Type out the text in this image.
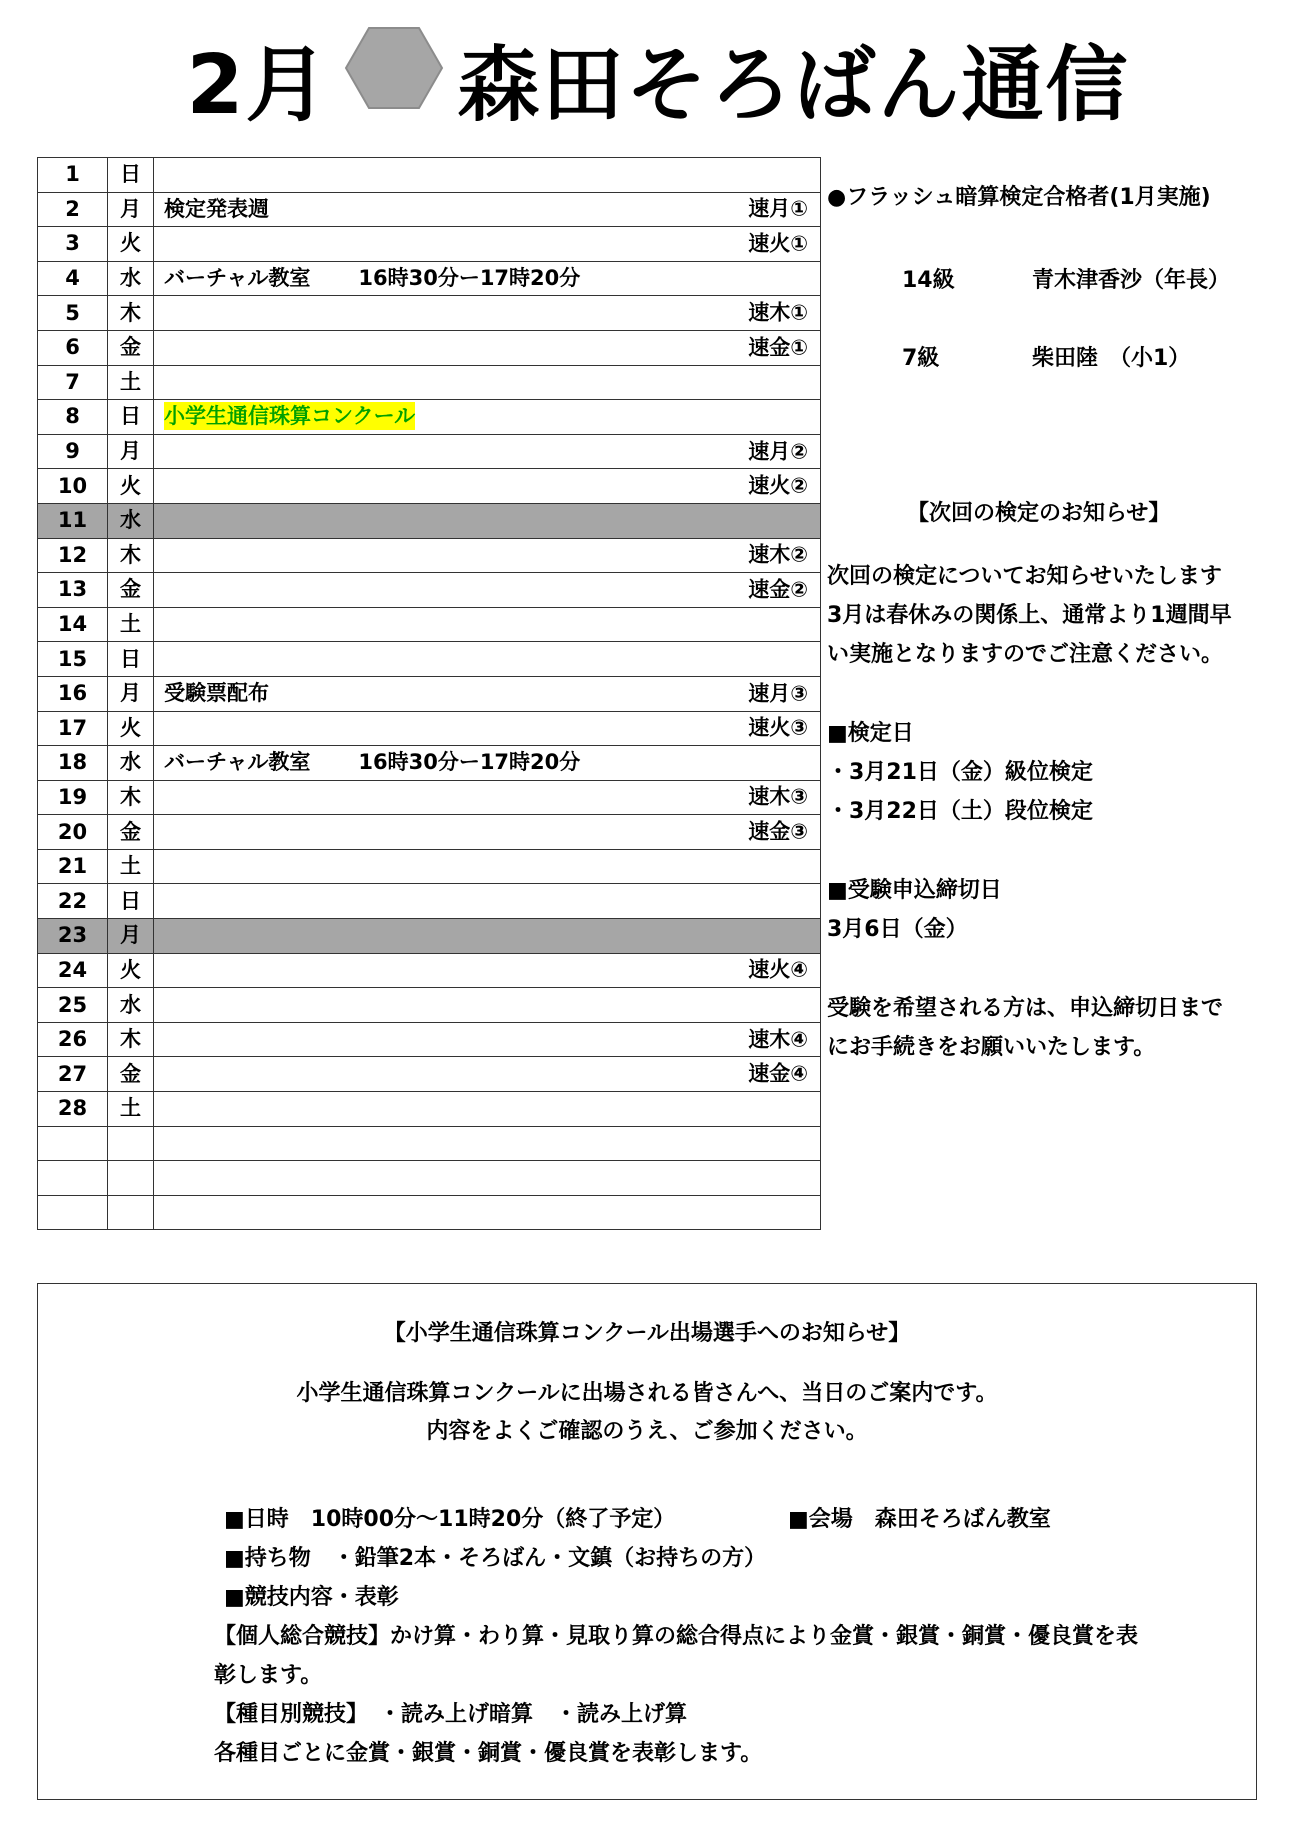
2月 森田そろばん通信
1	日	
2	月	検定発表週 速月①

3	火	速火①

4	水	バーチャル教室 16時30分ー17時20分
5	木	速木①

6	金	速金①

7	土	
8	日	小学生通信珠算コンクール
9	月	速月②

10	火	速火②

11	水	
12	木	速木②

13	金	速金②

14	土	
15	日	
16	月	受験票配布 速月③

17	火	速火③

18	水	バーチャル教室 16時30分ー17時20分
19	木	速木③

20	金	速金③

21	土	
22	日	
23	月	
24	火	速火④

25	水	
26	木	速木④

27	金	速金④

28	土	

●フラッシュ暗算検定合格者(1月実施)
14級	青木津香沙（年長）
7級	柴田陸　（小1）
【次回の検定のお知らせ】
次回の検定についてお知らせいたします
3月は春休みの関係上、通常より1週間早
い実施となりますのでご注意ください。
■検定日
・3月21日（金）級位検定
・3月22日（土）段位検定
■受験申込締切日
3月6日（金）
受験を希望される方は、申込締切日まで
にお手続きをお願いいたします。
【小学生通信珠算コンクール出場選手へのお知らせ】
小学生通信珠算コンクールに出場される皆さんへ、当日のご案内です。
内容をよくご確認のうえ、ご参加ください。
■日時　10時00分〜11時20分（終了予定）	■会場　森田そろばん教室
■持ち物　・鉛筆2本・そろばん・文鎮（お持ちの方）
■競技内容・表彰
【個人総合競技】かけ算・わり算・見取り算の総合得点により金賞・銀賞・銅賞・優良賞を表
彰します。
【種目別競技】　・読み上げ暗算　・読み上げ算
各種目ごとに金賞・銀賞・銅賞・優良賞を表彰します。
